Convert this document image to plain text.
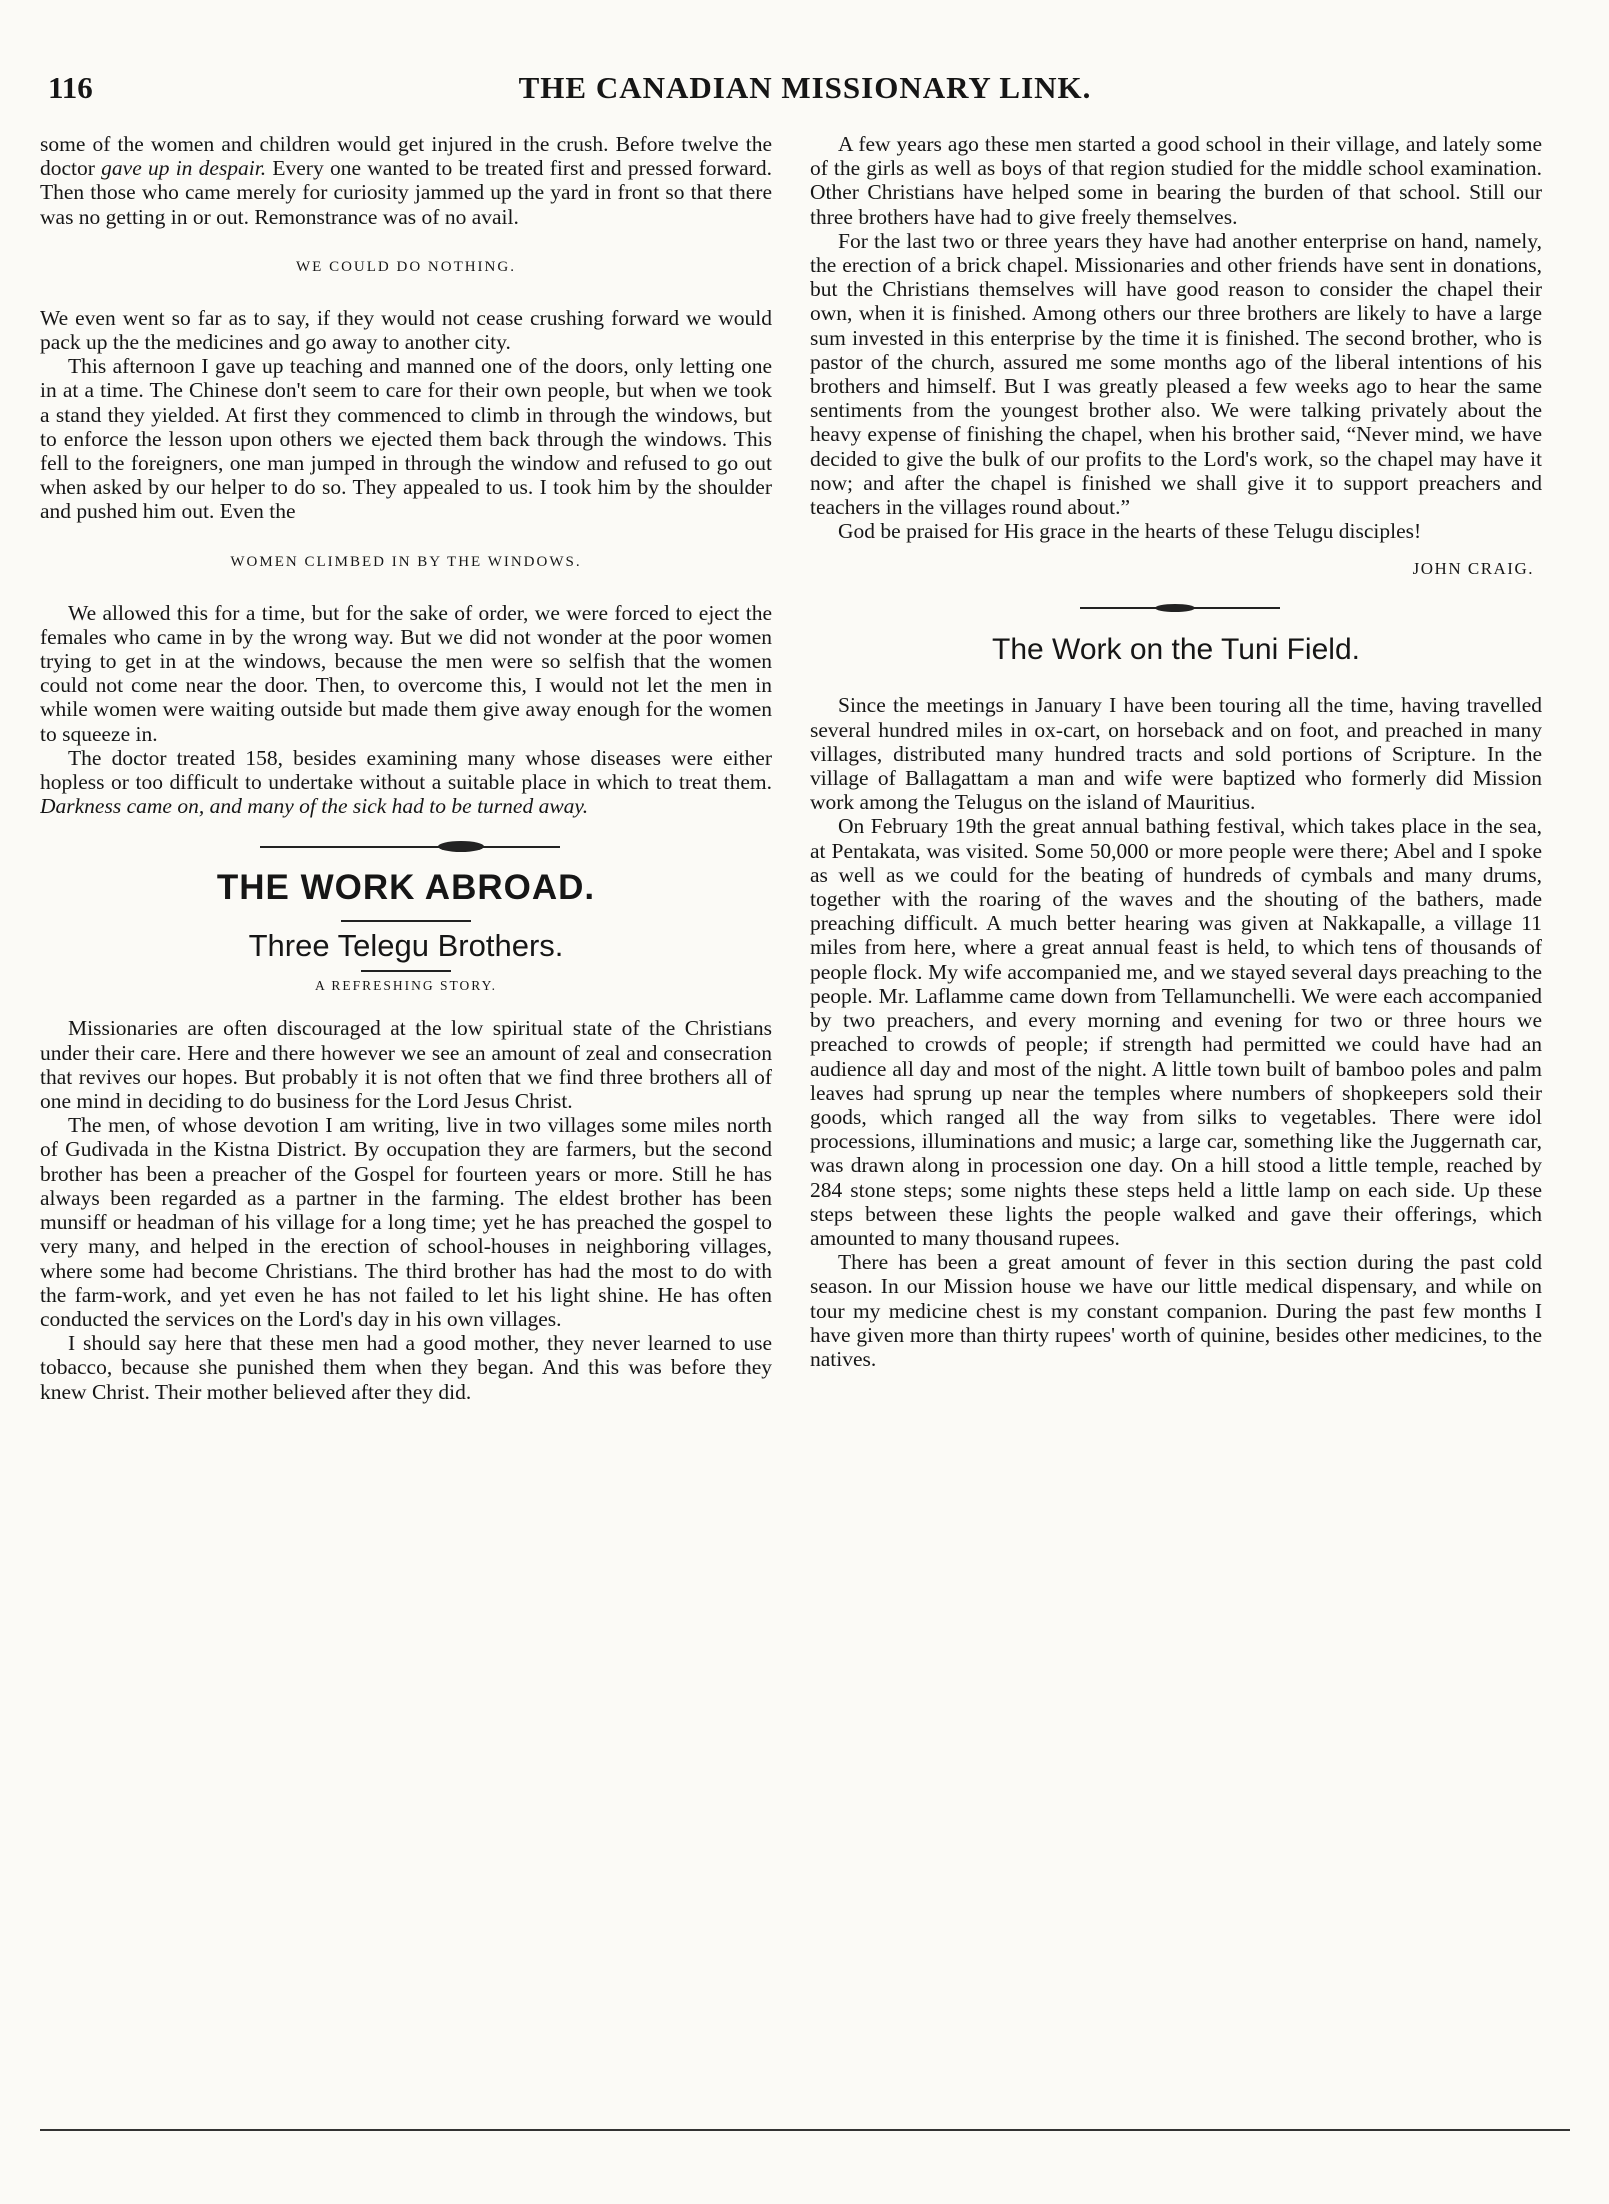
116	THE CANADIAN MISSIONARY LINK.

some of the women and children would get injured in the crush. Before twelve the doctor gave up in despair. Every one wanted to be treated first and pressed forward. Then those who came merely for curiosity jammed up the yard in front so that there was no getting in or out. Remonstrance was of no avail.

WE COULD DO NOTHING.

We even went so far as to say, if they would not cease crushing forward we would pack up the the medicines and go away to another city.

This afternoon I gave up teaching and manned one of the doors, only letting one in at a time. The Chinese don't seem to care for their own people, but when we took a stand they yielded. At first they commenced to climb in through the windows, but to enforce the lesson upon others we ejected them back through the windows. This fell to the foreigners, one man jumped in through the window and refused to go out when asked by our helper to do so. They appealed to us. I took him by the shoulder and pushed him out. Even the

WOMEN CLIMBED IN BY THE WINDOWS.

We allowed this for a time, but for the sake of order, we were forced to eject the females who came in by the wrong way. But we did not wonder at the poor women trying to get in at the windows, because the men were so selfish that the women could not come near the door. Then, to overcome this, I would not let the men in while women were waiting outside but made them give away enough for the women to squeeze in.

The doctor treated 158, besides examining many whose diseases were either hopless or too difficult to undertake without a suitable place in which to treat them. Darkness came on, and many of the sick had to be turned away.

THE WORK ABROAD.
Three Telegu Brothers.
A REFRESHING STORY.

Missionaries are often discouraged at the low spiritual state of the Christians under their care. Here and there however we see an amount of zeal and consecration that revives our hopes. But probably it is not often that we find three brothers all of one mind in deciding to do business for the Lord Jesus Christ.

The men, of whose devotion I am writing, live in two villages some miles north of Gudivada in the Kistna District. By occupation they are farmers, but the second brother has been a preacher of the Gospel for fourteen years or more. Still he has always been regarded as a partner in the farming. The eldest brother has been munsiff or headman of his village for a long time; yet he has preached the gospel to very many, and helped in the erection of school-houses in neighboring villages, where some had become Christians. The third brother has had the most to do with the farm-work, and yet even he has not failed to let his light shine. He has often conducted the services on the Lord's day in his own villages.

I should say here that these men had a good mother, they never learned to use tobacco, because she punished them when they began. And this was before they knew Christ. Their mother believed after they did.

A few years ago these men started a good school in their village, and lately some of the girls as well as boys of that region studied for the middle school examination. Other Christians have helped some in bearing the burden of that school. Still our three brothers have had to give freely themselves.

For the last two or three years they have had another enterprise on hand, namely, the erection of a brick chapel. Missionaries and other friends have sent in donations, but the Christians themselves will have good reason to consider the chapel their own, when it is finished. Among others our three brothers are likely to have a large sum invested in this enterprise by the time it is finished. The second brother, who is pastor of the church, assured me some months ago of the liberal intentions of his brothers and himself. But I was greatly pleased a few weeks ago to hear the same sentiments from the youngest brother also. We were talking privately about the heavy expense of finishing the chapel, when his brother said, “Never mind, we have decided to give the bulk of our profits to the Lord's work, so the chapel may have it now; and after the chapel is finished we shall give it to support preachers and teachers in the villages round about.”

God be praised for His grace in the hearts of these Telugu disciples!

JOHN CRAIG.
The Work on the Tuni Field.

Since the meetings in January I have been touring all the time, having travelled several hundred miles in ox-cart, on horseback and on foot, and preached in many villages, distributed many hundred tracts and sold portions of Scripture. In the village of Ballagattam a man and wife were baptized who formerly did Mission work among the Telugus on the island of Mauritius.

On February 19th the great annual bathing festival, which takes place in the sea, at Pentakata, was visited. Some 50,000 or more people were there; Abel and I spoke as well as we could for the beating of hundreds of cymbals and many drums, together with the roaring of the waves and the shouting of the bathers, made preaching difficult. A much better hearing was given at Nakkapalle, a village 11 miles from here, where a great annual feast is held, to which tens of thousands of people flock. My wife accompanied me, and we stayed several days preaching to the people. Mr. Laflamme came down from Tellamunchelli. We were each accompanied by two preachers, and every morning and evening for two or three hours we preached to crowds of people; if strength had permitted we could have had an audience all day and most of the night. A little town built of bamboo poles and palm leaves had sprung up near the temples where numbers of shopkeepers sold their goods, which ranged all the way from silks to vegetables. There were idol processions, illuminations and music; a large car, something like the Juggernath car, was drawn along in procession one day. On a hill stood a little temple, reached by 284 stone steps; some nights these steps held a little lamp on each side. Up these steps between these lights the people walked and gave their offerings, which amounted to many thousand rupees.

There has been a great amount of fever in this section during the past cold season. In our Mission house we have our little medical dispensary, and while on tour my medicine chest is my constant companion. During the past few months I have given more than thirty rupees' worth of quinine, besides other medicines, to the natives.
